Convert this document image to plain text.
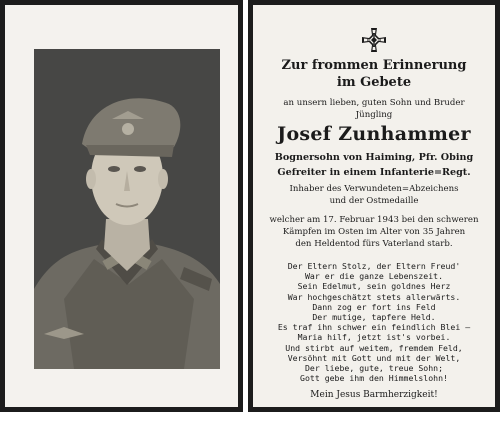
Zur frommen Erinnerung
im Gebete
an unsern lieben, guten Sohn und Bruder
Jüngling
Josef Zunhammer
Bognersohn von Haiming, Pfr. Obing
Gefreiter in einem Infanterie=Regt.
Inhaber des Verwundeten=Abzeichens
und der Ostmedaille
welcher am 17. Februar 1943 bei den schweren
Kämpfen im Osten im Alter von 35 Jahren
den Heldentod fürs Vaterland starb.
Der Eltern Stolz, der Eltern Freud'
War er die ganze Lebenszeit.
Sein Edelmut, sein goldnes Herz
War hochgeschätzt stets allerwärts.
Dann zog er fort ins Feld
Der mutige, tapfere Held.
Es traf ihn schwer ein feindlich Blei —
Maria hilf, jetzt ist's vorbei.
Und stirbt auf weitem, fremdem Feld,
Versöhnt mit Gott und mit der Welt,
Der liebe, gute, treue Sohn;
Gott gebe ihm den Himmelslohn!
Mein Jesus Barmherzigkeit!
